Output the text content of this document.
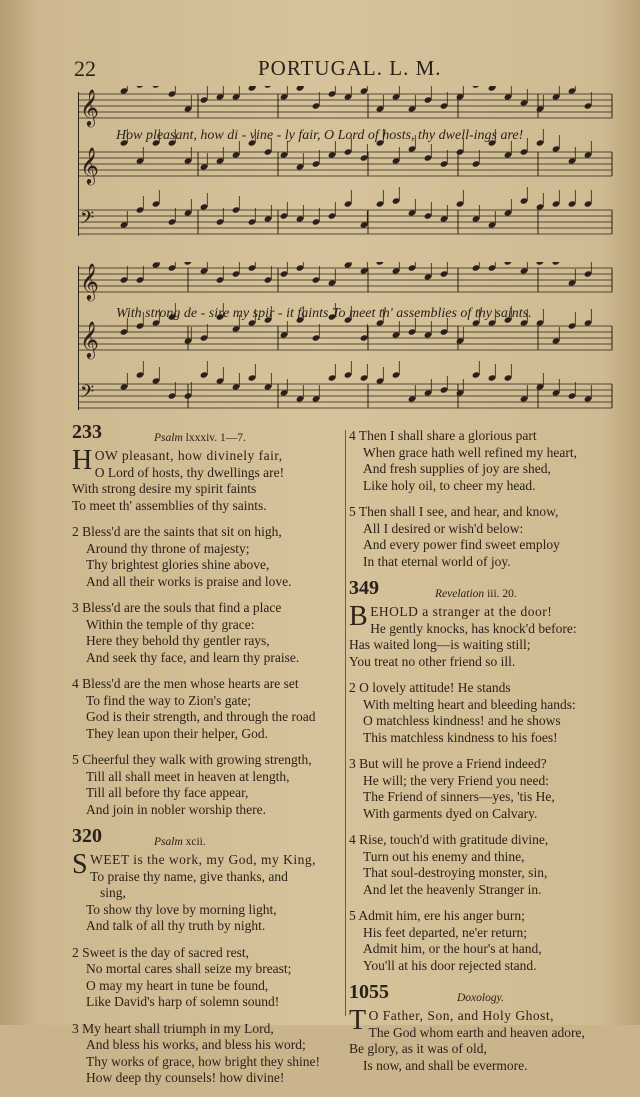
22	PORTUGAL. L. M.
𝄞
𝄞
𝄢
How pleasant, how di - vine - ly fair, O Lord of hosts, thy dwell-ings are!
𝄞
𝄞
𝄢
With strong de - sire my spir - it faints To meet th' assemblies of thy saints.
233	Psalm lxxxiv. 1—7.
HOW pleasant, how divinely fair,
O Lord of hosts, thy dwellings are!
With strong desire my spirit faints
To meet th' assemblies of thy saints.
2 Bless'd are the saints that sit on high,
Around thy throne of majesty;
Thy brightest glories shine above,
And all their works is praise and love.
3 Bless'd are the souls that find a place
Within the temple of thy grace:
Here they behold thy gentler rays,
And seek thy face, and learn thy praise.
4 Bless'd are the men whose hearts are set
To find the way to Zion's gate;
God is their strength, and through the road
They lean upon their helper, God.
5 Cheerful they walk with growing strength,
Till all shall meet in heaven at length,
Till all before thy face appear,
And join in nobler worship there.
320	Psalm xcii.
SWEET is the work, my God, my King,
To praise thy name, give thanks, and
sing,
To show thy love by morning light,
And talk of all thy truth by night.
2 Sweet is the day of sacred rest,
No mortal cares shall seize my breast;
O may my heart in tune be found,
Like David's harp of solemn sound!
3 My heart shall triumph in my Lord,
And bless his works, and bless his word;
Thy works of grace, how bright they shine!
How deep thy counsels! how divine!
4 Then I shall share a glorious part
When grace hath well refined my heart,
And fresh supplies of joy are shed,
Like holy oil, to cheer my head.
5 Then shall I see, and hear, and know,
All I desired or wish'd below:
And every power find sweet employ
In that eternal world of joy.
349	Revelation iii. 20.
BEHOLD a stranger at the door!
He gently knocks, has knock'd before:
Has waited long—is waiting still;
You treat no other friend so ill.
2 O lovely attitude! He stands
With melting heart and bleeding hands:
O matchless kindness! and he shows
This matchless kindness to his foes!
3 But will he prove a Friend indeed?
He will; the very Friend you need:
The Friend of sinners—yes, 'tis He,
With garments dyed on Calvary.
4 Rise, touch'd with gratitude divine,
Turn out his enemy and thine,
That soul-destroying monster, sin,
And let the heavenly Stranger in.
5 Admit him, ere his anger burn;
His feet departed, ne'er return;
Admit him, or the hour's at hand,
You'll at his door rejected stand.
1055	Doxology.
T O Father, Son, and Holy Ghost,
The God whom earth and heaven adore,
Be glory, as it was of old,
Is now, and shall be evermore.
